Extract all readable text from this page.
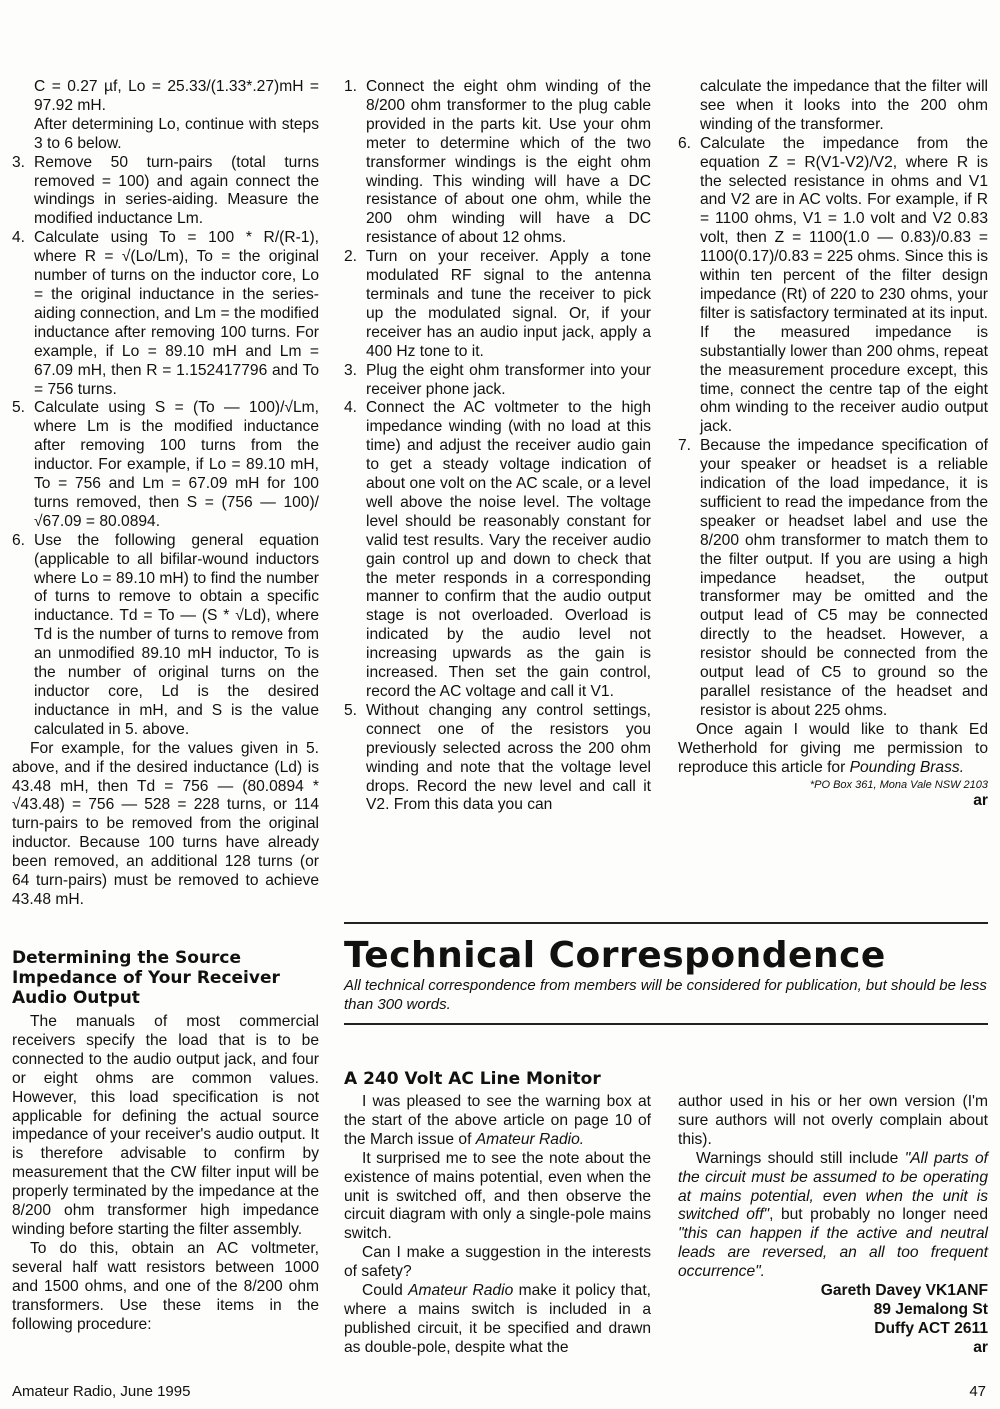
C = 0.27 µf, Lo = 25.33/(1.33*.27)mH = 97.92 mH.

After determining Lo, continue with steps 3 to 6 below.

3. Remove 50 turn-pairs (total turns removed = 100) and again connect the windings in series-aiding. Measure the modified inductance Lm.

4. Calculate using To = 100 * R/(R-1), where R = √(Lo/Lm), To = the original number of turns on the inductor core, Lo = the original inductance in the series-aiding connection, and Lm = the modified inductance after removing 100 turns. For example, if Lo = 89.10 mH and Lm = 67.09 mH, then R = 1.152417796 and To = 756 turns.

5. Calculate using S = (To — 100)/√Lm, where Lm is the modified inductance after removing 100 turns from the inductor. For example, if Lo = 89.10 mH, To = 756 and Lm = 67.09 mH for 100 turns removed, then S = (756 — 100)/√67.09 = 80.0894.

6. Use the following general equation (applicable to all bifilar-wound inductors where Lo = 89.10 mH) to find the number of turns to remove to obtain a specific inductance. Td = To — (S * √Ld), where Td is the number of turns to remove from an unmodified 89.10 mH inductor, To is the number of original turns on the inductor core, Ld is the desired inductance in mH, and S is the value calculated in 5. above.

For example, for the values given in 5. above, and if the desired inductance (Ld) is 43.48 mH, then Td = 756 — (80.0894 * √43.48) = 756 — 528 = 228 turns, or 114 turn-pairs to be removed from the original inductor. Because 100 turns have already been removed, an additional 128 turns (or 64 turn-pairs) must be removed to achieve 43.48 mH.

1. Connect the eight ohm winding of the 8/200 ohm transformer to the plug cable provided in the parts kit. Use your ohm meter to determine which of the two transformer windings is the eight ohm winding. This winding will have a DC resistance of about one ohm, while the 200 ohm winding will have a DC resistance of about 12 ohms.

2. Turn on your receiver. Apply a tone modulated RF signal to the antenna terminals and tune the receiver to pick up the modulated signal. Or, if your receiver has an audio input jack, apply a 400 Hz tone to it.

3. Plug the eight ohm transformer into your receiver phone jack.

4. Connect the AC voltmeter to the high impedance winding (with no load at this time) and adjust the receiver audio gain to get a steady voltage indication of about one volt on the AC scale, or a level well above the noise level. The voltage level should be reasonably constant for valid test results. Vary the receiver audio gain control up and down to check that the meter responds in a corresponding manner to confirm that the audio output stage is not overloaded. Overload is indicated by the audio level not increasing upwards as the gain is increased. Then set the gain control, record the AC voltage and call it V1.

5. Without changing any control settings, connect one of the resistors you previously selected across the 200 ohm winding and note that the voltage level drops. Record the new level and call it V2. From this data you can

calculate the impedance that the filter will see when it looks into the 200 ohm winding of the transformer.

6. Calculate the impedance from the equation Z = R(V1-V2)/V2, where R is the selected resistance in ohms and V1 and V2 are in AC volts. For example, if R = 1100 ohms, V1 = 1.0 volt and V2 0.83 volt, then Z = 1100(1.0 — 0.83)/0.83 = 1100(0.17)/0.83 = 225 ohms. Since this is within ten percent of the filter design impedance (Rt) of 220 to 230 ohms, your filter is satisfactory terminated at its input. If the measured impedance is substantially lower than 200 ohms, repeat the measurement procedure except, this time, connect the centre tap of the eight ohm winding to the receiver audio output jack.

7. Because the impedance specification of your speaker or headset is a reliable indication of the load impedance, it is sufficient to read the impedance from the speaker or headset label and use the 8/200 ohm transformer to match them to the filter output. If you are using a high impedance headset, the output transformer may be omitted and the output lead of C5 may be connected directly to the headset. However, a resistor should be connected from the output lead of C5 to ground so the parallel resistance of the headset and resistor is about 225 ohms.

Once again I would like to thank Ed Wetherhold for giving me permission to reproduce this article for Pounding Brass.

*PO Box 361, Mona Vale NSW 2103

ar

Determining the Source Impedance of Your Receiver Audio Output

The manuals of most commercial receivers specify the load that is to be connected to the audio output jack, and four or eight ohms are common values. However, this load specification is not applicable for defining the actual source impedance of your receiver's audio output. It is therefore advisable to confirm by measurement that the CW filter input will be properly terminated by the impedance at the 8/200 ohm transformer high impedance winding before starting the filter assembly.

To do this, obtain an AC voltmeter, several half watt resistors between 1000 and 1500 ohms, and one of the 8/200 ohm transformers. Use these items in the following procedure:

Technical Correspondence

All technical correspondence from members will be considered for publication, but should be less than 300 words.

A 240 Volt AC Line Monitor

I was pleased to see the warning box at the start of the above article on page 10 of the March issue of Amateur Radio.

It surprised me to see the note about the existence of mains potential, even when the unit is switched off, and then observe the circuit diagram with only a single-pole mains switch.

Can I make a suggestion in the interests of safety?

Could Amateur Radio make it policy that, where a mains switch is included in a published circuit, it be specified and drawn as double-pole, despite what the

author used in his or her own version (I'm sure authors will not overly complain about this).

Warnings should still include "All parts of the circuit must be assumed to be operating at mains potential, even when the unit is switched off", but probably no longer need "this can happen if the active and neutral leads are reversed, an all too frequent occurrence".

Gareth Davey VK1ANF

89 Jemalong St

Duffy ACT 2611

ar

Amateur Radio, June 1995	47
